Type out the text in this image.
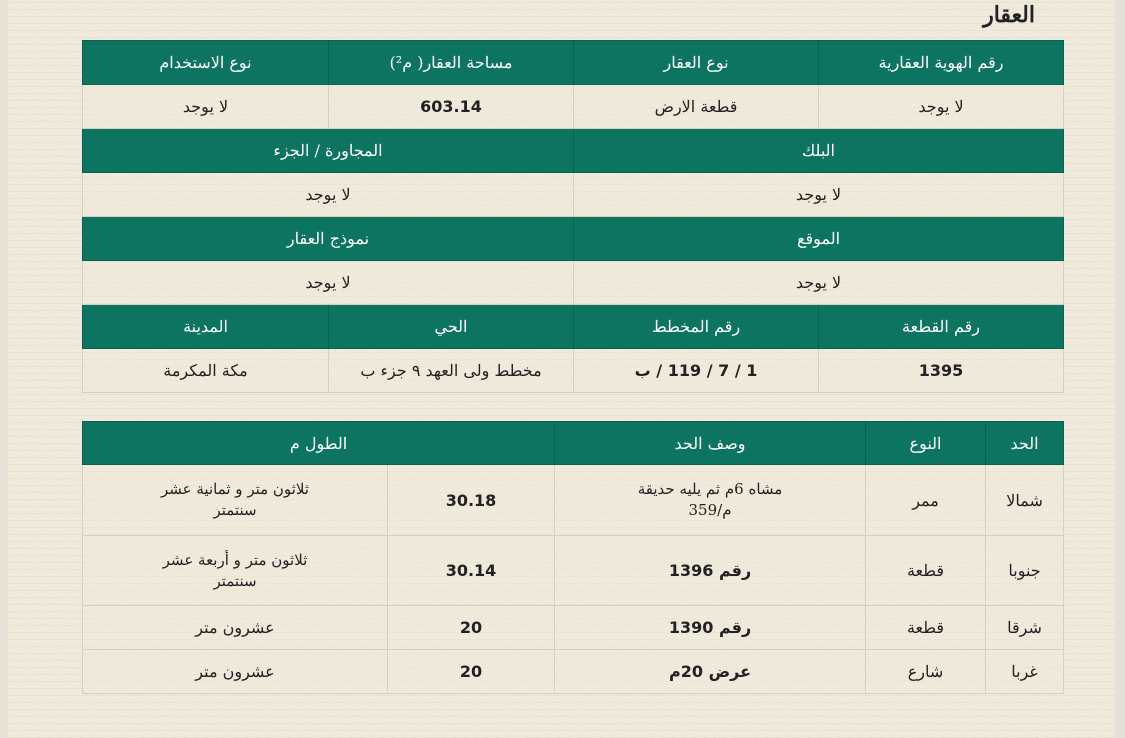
العقار
رقم الهوية العقارية	نوع العقار	مساحة العقار( م²)	نوع الاستخدام
لا يوجد	قطعة الارض	603.14	لا يوجد
البلك		المجاورة / الجزء	
لا يوجد		لا يوجد	
الموقع		نموذج العقار	
لا يوجد		لا يوجد	
رقم القطعة	رقم المخطط	الحي	المدينة
1395	1 / 7 / 119 / ب	مخطط ولى العهد ٩ جزء ب	مكة المكرمة
الحد	النوع	وصف الحد	الطول م	
شمالا	ممر	مشاه 6م ثم يليه حديقة م/359	30.18	ثلاثون متر و ثمانية عشر سنتمتر
جنوبا	قطعة	رقم 1396	30.14	ثلاثون متر و أربعة عشر سنتمتر
شرقا	قطعة	رقم 1390	20	عشرون متر
غربا	شارع	عرض 20م	20	عشرون متر
